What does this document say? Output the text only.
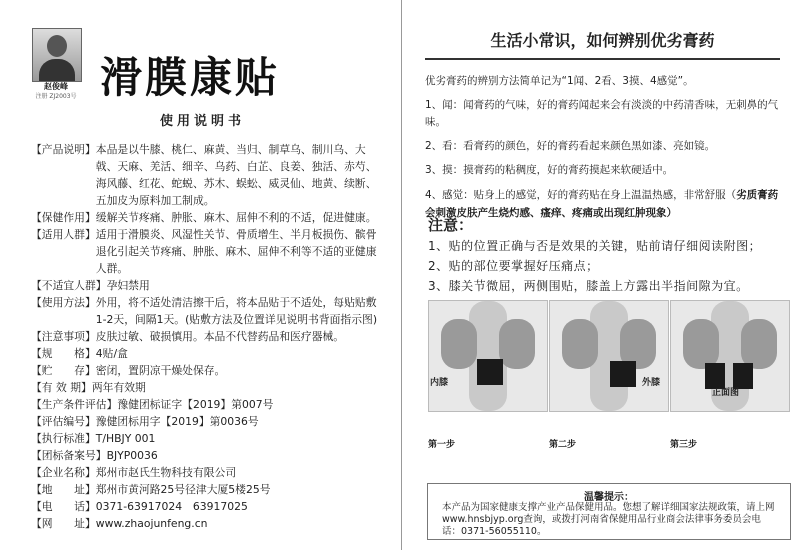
赵俊峰
注册 ZJ2003号 滑膜康贴
使用说明书
【产品说明】 本品是以牛膝、桃仁、麻黄、当归、制草乌、制川乌、大戟、天麻、羌活、细辛、乌药、白芷、良姜、独活、赤芍、海风藤、红花、蛇蜕、苏木、蜈蚣、威灵仙、地黄、续断、五加皮为原料加工制成。
【保健作用】 缓解关节疼痛、肿胀、麻木、屈伸不利的不适，促进健康。
【适用人群】 适用于滑膜炎、风湿性关节、骨质增生、半月板损伤、髌骨退化引起关节疼痛、肿胀、麻木、屈伸不利等不适的亚健康人群。
【不适宜人群】 孕妇禁用
【使用方法】 外用，将不适处清洁擦干后，将本品贴于不适处，每贴贴敷1-2天，间隔1天。(贴敷方法及位置详见说明书背面指示图)
【注意事项】 皮肤过敏、破损慎用。本品不代替药品和医疗器械。
【规　　格】 4贴/盒
【贮　　存】 密闭，置阴凉干燥处保存。
【有 效 期】 两年有效期
【生产条件评估】 豫健团标证字【2019】第007号
【评估编号】 豫健团标用字【2019】第0036号
【执行标准】 T/HBJY 001
【团标备案号】 BJYP0036
【企业名称】 郑州市赵氏生物科技有限公司
【地　　址】 郑州市黄河路25号径津大厦5楼25号
【电　　话】 0371-63917024　63917025
【网　　址】 www.zhaojunfeng.cn
生活小常识，如何辨别优劣膏药

优劣膏药的辨别方法简单记为“1闻、2看、3摸、4感觉”。

1、闻：闻膏药的气味，好的膏药闻起来会有淡淡的中药清香味，无刺鼻的气味。

2、看：看膏药的颜色，好的膏药看起来颜色黑如漆、亮如镜。

3、摸：摸膏药的粘稠度，好的膏药摸起来软硬适中。

4、感觉：贴身上的感觉，好的膏药贴在身上温温热感，非常舒服（劣质膏药会刺激皮肤产生烧灼感、瘙痒、疼痛或出现红肿现象）

注意：

1、贴的位置正确与否是效果的关键，贴前请仔细阅读附图；

2、贴的部位要掌握好压痛点；

3、膝关节微屈，两侧围贴，膝盖上方露出半指间隙为宜。

内膝	外膝
正面图
第一步	第二步	第三步
温馨提示：
本产品为国家健康支撑产业产品保健用品。您想了解详细国家法规政策，请上网www.hnsbjyp.org查询，或拨打河南省保健用品行业商会法律事务委员会电话：0371-56055110。
